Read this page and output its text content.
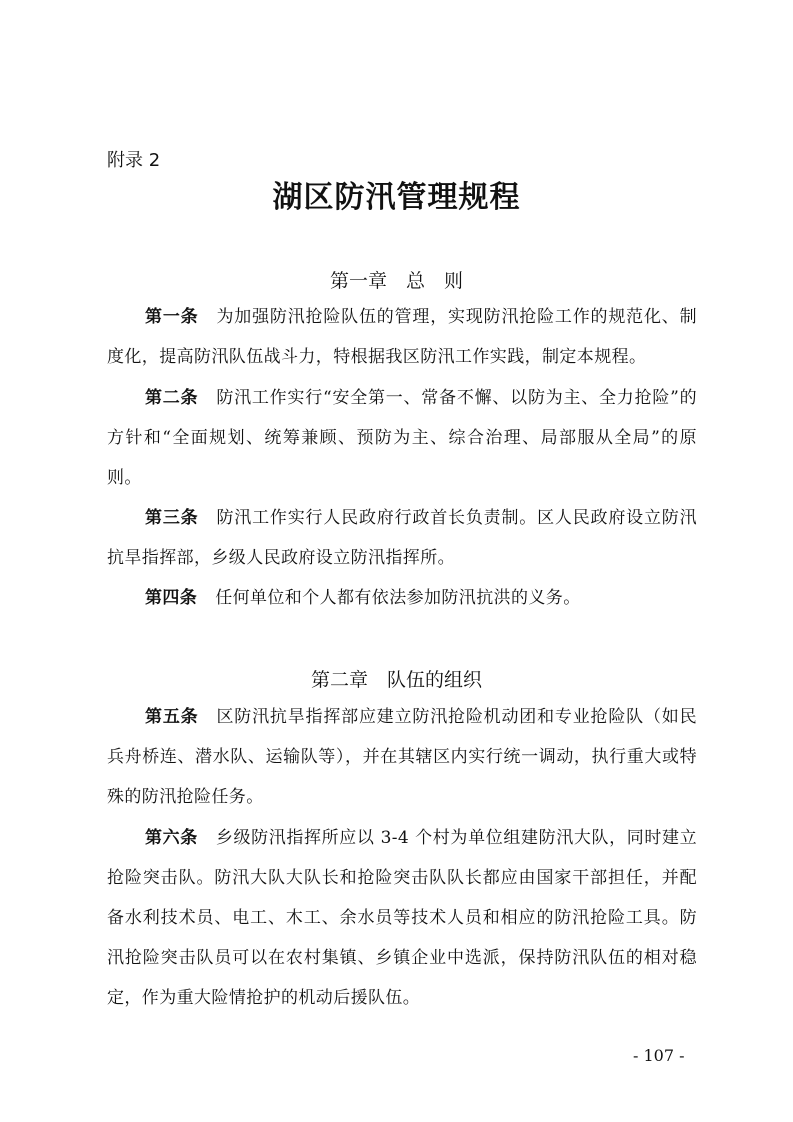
附录 2
湖区防汛管理规程
第一章　总　则

第一条 为加强防汛抢险队伍的管理，实现防汛抢险工作的规范化、制度化，提高防汛队伍战斗力，特根据我区防汛工作实践，制定本规程。

第二条 防汛工作实行“安全第一、常备不懈、以防为主、全力抢险”的方针和“全面规划、统筹兼顾、预防为主、综合治理、局部服从全局”的原则。

第三条 防汛工作实行人民政府行政首长负责制。区人民政府设立防汛抗旱指挥部，乡级人民政府设立防汛指挥所。

第四条 任何单位和个人都有依法参加防汛抗洪的义务。

第二章　队伍的组织

第五条 区防汛抗旱指挥部应建立防汛抢险机动团和专业抢险队（如民兵舟桥连、潜水队、运输队等），并在其辖区内实行统一调动，执行重大或特殊的防汛抢险任务。

第六条 乡级防汛指挥所应以 3-4 个村为单位组建防汛大队，同时建立抢险突击队。防汛大队大队长和抢险突击队队长都应由国家干部担任，并配备水利技术员、电工、木工、余水员等技术人员和相应的防汛抢险工具。防汛抢险突击队员可以在农村集镇、乡镇企业中选派，保持防汛队伍的相对稳定，作为重大险情抢护的机动后援队伍。

- 107 -
